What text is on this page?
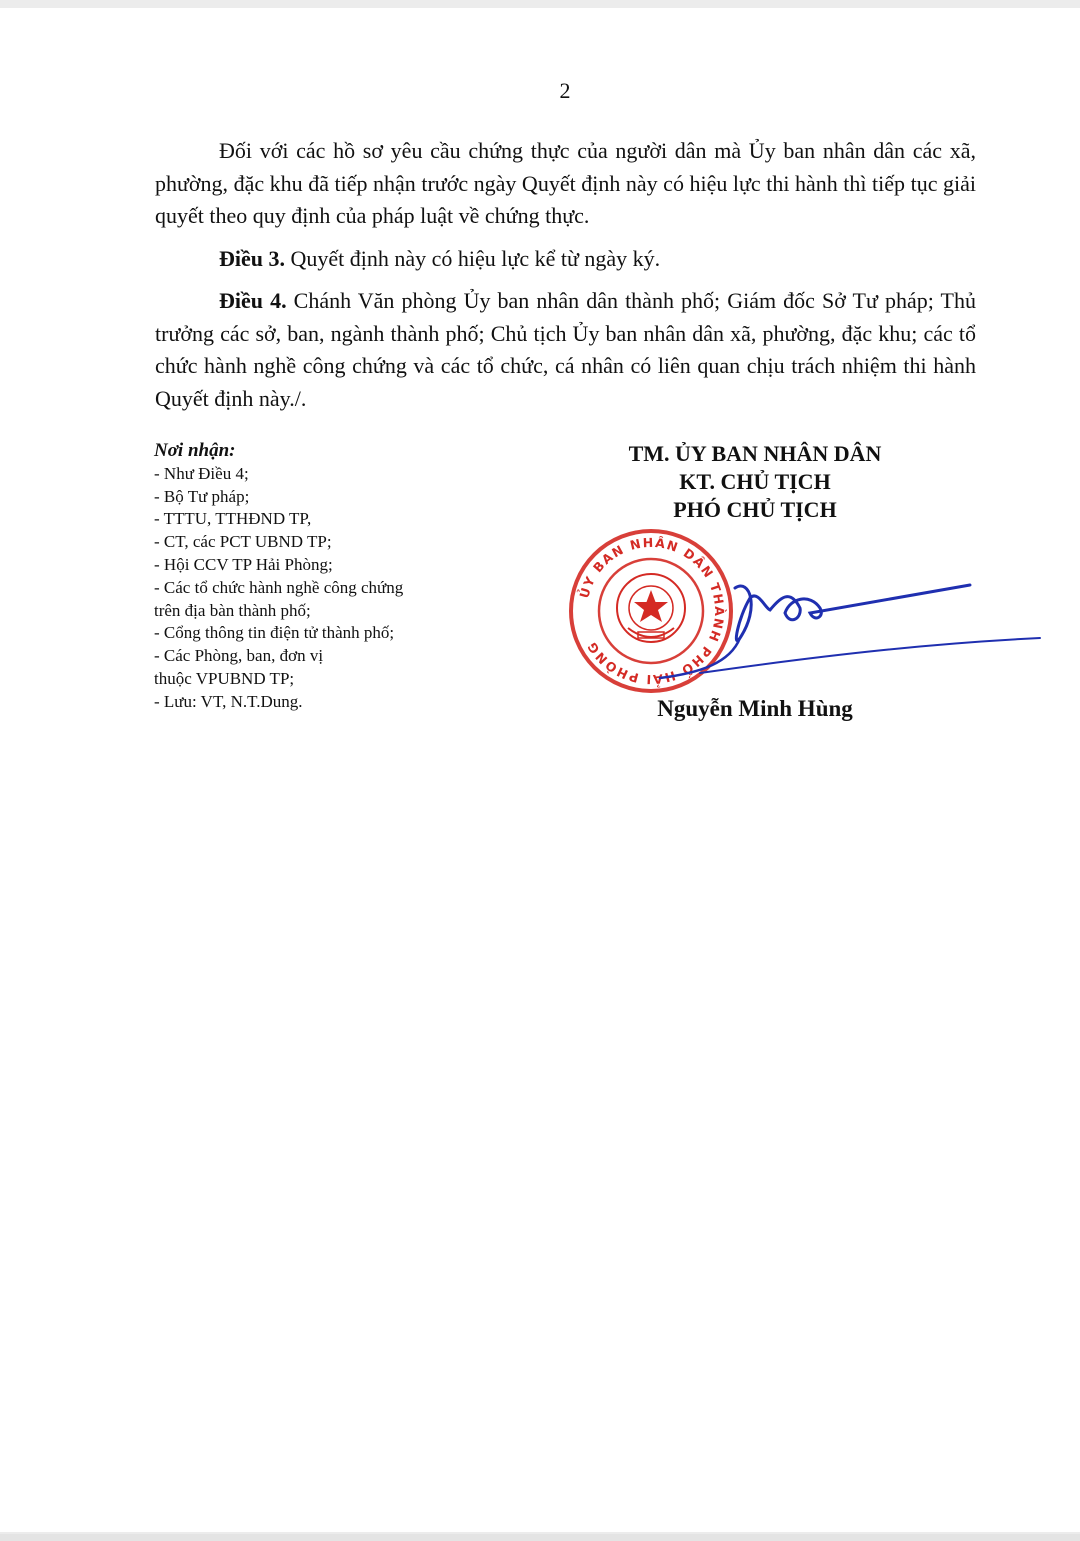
2

Đối với các hồ sơ yêu cầu chứng thực của người dân mà Ủy ban nhân dân các xã, phường, đặc khu đã tiếp nhận trước ngày Quyết định này có hiệu lực thi hành thì tiếp tục giải quyết theo quy định của pháp luật về chứng thực.

Điều 3. Quyết định này có hiệu lực kể từ ngày ký.

Điều 4. Chánh Văn phòng Ủy ban nhân dân thành phố; Giám đốc Sở Tư pháp; Thủ trưởng các sở, ban, ngành thành phố; Chủ tịch Ủy ban nhân dân xã, phường, đặc khu; các tổ chức hành nghề công chứng và các tổ chức, cá nhân có liên quan chịu trách nhiệm thi hành Quyết định này./.

Nơi nhận:
- Như Điều 4;
- Bộ Tư pháp;
- TTTU, TTHĐND TP,
- CT, các PCT UBND TP;
- Hội CCV TP Hải Phòng;
- Các tổ chức hành nghề công chứng
trên địa bàn thành phố;
- Cổng thông tin điện tử thành phố;
- Các Phòng, ban, đơn vị
thuộc VPUBND TP;
- Lưu: VT, N.T.Dung.
TM. ỦY BAN NHÂN DÂN
KT. CHỦ TỊCH
PHÓ CHỦ TỊCH
ỦY BAN NHÂN DÂN THÀNH PHỐ HẢI PHÒNG
Nguyễn Minh Hùng
